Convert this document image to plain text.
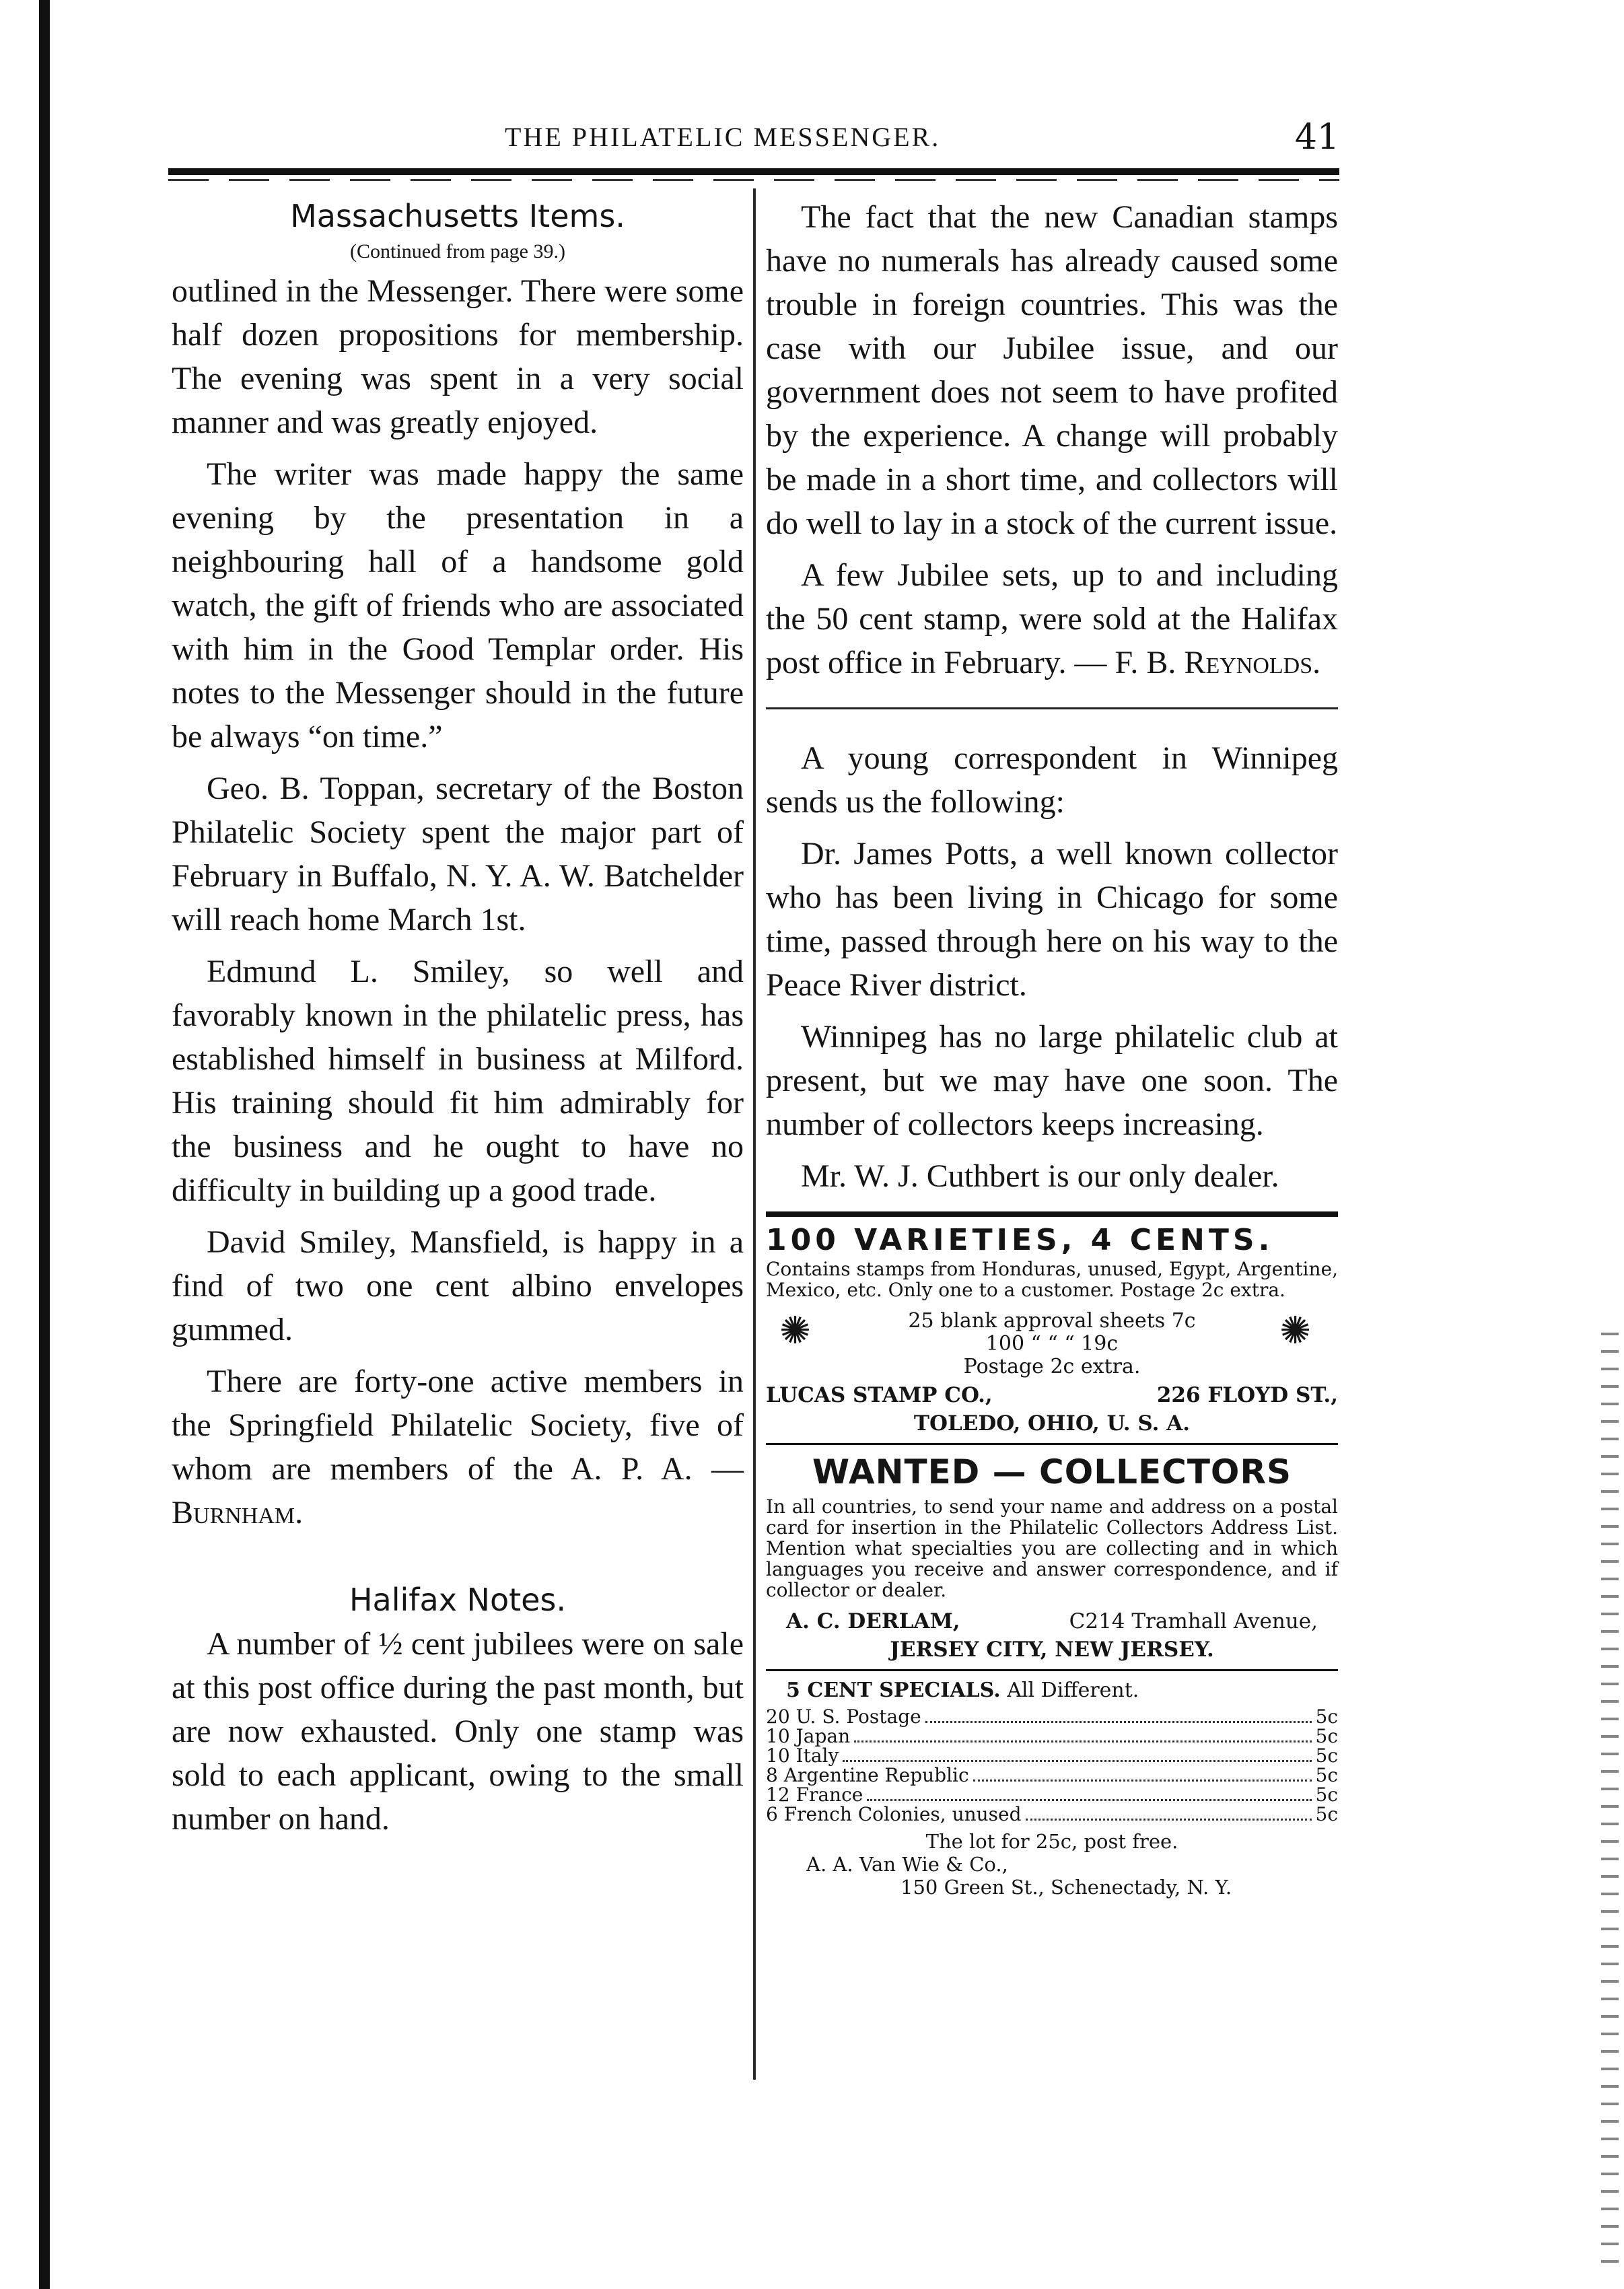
THE PHILATELIC MESSENGER.	41
Massachusetts Items.
(Continued from page 39.)

outlined in the Messenger. There were some half dozen propositions for membership. The evening was spent in a very social manner and was greatly enjoyed.

The writer was made happy the same evening by the presentation in a neighbouring hall of a handsome gold watch, the gift of friends who are associated with him in the Good Templar order. His notes to the Messenger should in the future be always “on time.”

Geo. B. Toppan, secretary of the Boston Philatelic Society spent the major part of February in Buffalo, N. Y. A. W. Batchelder will reach home March 1st.

Edmund L. Smiley, so well and favorably known in the philatelic press, has established himself in business at Milford. His training should fit him admirably for the business and he ought to have no difficulty in building up a good trade.

David Smiley, Mansfield, is happy in a find of two one cent albino envelopes gummed.

There are forty-one active members in the Springfield Philatelic Society, five of whom are members of the A. P. A. — Burnham.

Halifax Notes.

A number of ½ cent jubilees were on sale at this post office during the past month, but are now exhausted. Only one stamp was sold to each applicant, owing to the small number on hand.

The fact that the new Canadian stamps have no numerals has already caused some trouble in foreign countries. This was the case with our Jubilee issue, and our government does not seem to have profited by the experience. A change will probably be made in a short time, and collectors will do well to lay in a stock of the current issue.

A few Jubilee sets, up to and including the 50 cent stamp, were sold at the Halifax post office in February. — F. B. Reynolds.

A young correspondent in Winnipeg sends us the following:

Dr. James Potts, a well known collector who has been living in Chicago for some time, passed through here on his way to the Peace River district.

Winnipeg has no large philatelic club at present, but we may have one soon. The number of collectors keeps increasing.

Mr. W. J. Cuthbert is our only dealer.

100 VARIETIES, 4 CENTS.

Contains stamps from Honduras, unused, Egypt, Argentine, Mexico, etc. Only one to a customer. Postage 2c extra.

✺	25 blank approval sheets 7c
100 “ “ “ 19c
Postage 2c extra.
✺
LUCAS STAMP CO.,	226 FLOYD ST.,
TOLEDO, OHIO, U. S. A.
WANTED — COLLECTORS

In all countries, to send your name and address on a postal card for insertion in the Philatelic Collectors Address List. Mention what specialties you are collecting and in which languages you receive and answer correspondence, and if collector or dealer.

A. C. DERLAM,	C214 Tramhall Avenue,
JERSEY CITY, NEW JERSEY.
5 CENT SPECIALS. All Different.
20 U. S. Postage	5c
10 Japan	5c
10 Italy	5c
8 Argentine Republic	5c
12 France	5c
6 French Colonies, unused	5c
The lot for 25c, post free.
A. A. Van Wie & Co.,
150 Green St., Schenectady, N. Y.
